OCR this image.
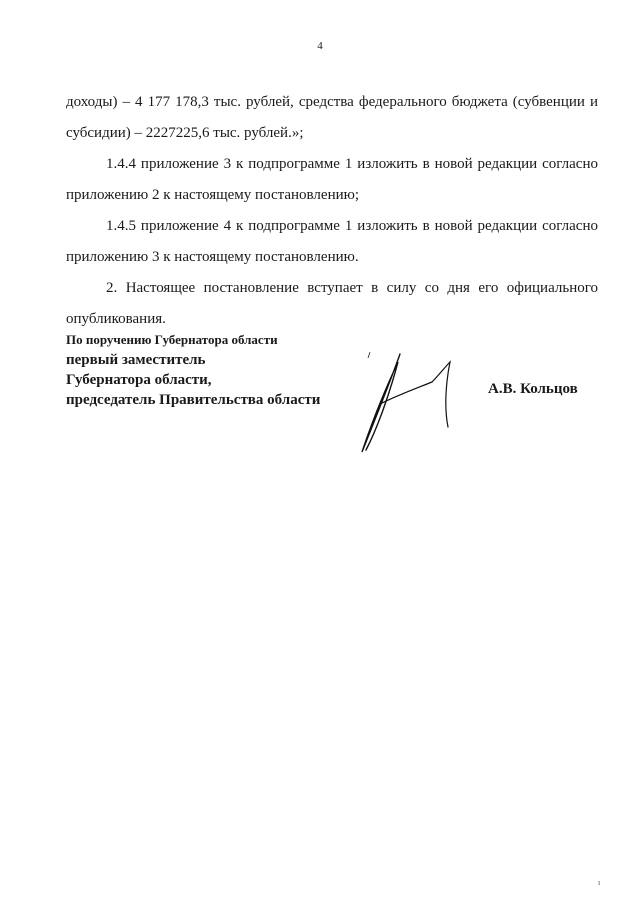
4

доходы) – 4 177 178,3 тыс. рублей, средства федерального бюджета (субвенции и

субсидии) – 2227225,6 тыс. рублей.»;

1.4.4 приложение 3 к подпрограмме 1 изложить в новой редакции согласно

приложению 2 к настоящему постановлению;

1.4.5 приложение 4 к подпрограмме 1 изложить в новой редакции согласно

приложению 3 к настоящему постановлению.

2. Настоящее постановление вступает в силу со дня его официального

опубликования.

По поручению Губернатора области
первый заместитель
Губернатора области,
председатель Правительства области
А.В. Кольцов
ı
